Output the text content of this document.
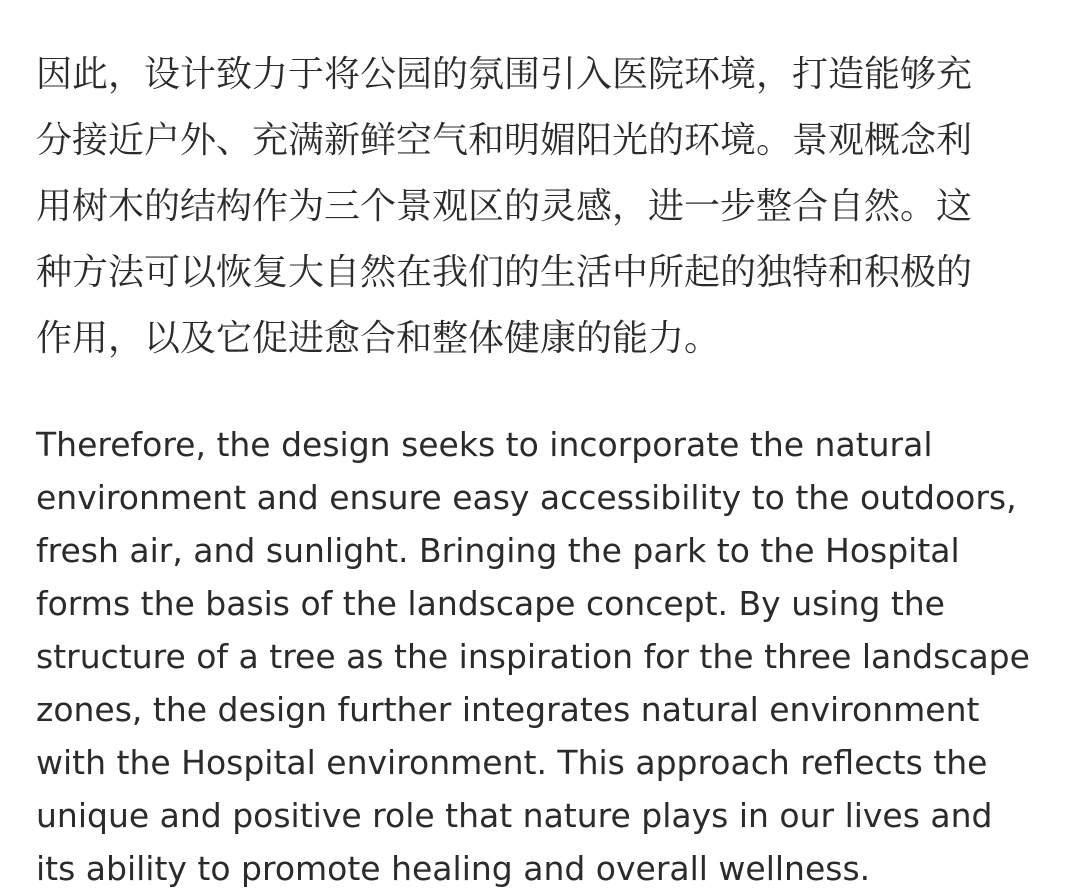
因此，设计致力于将公园的氛围引入医院环境，打造能够充
分接近户外、充满新鲜空气和明媚阳光的环境。景观概念利
用树木的结构作为三个景观区的灵感，进一步整合自然。这
种方法可以恢复大自然在我们的生活中所起的独特和积极的
作用，以及它促进愈合和整体健康的能力。
Therefore, the design seeks to incorporate the natural
environment and ensure easy accessibility to the outdoors,
fresh air, and sunlight. Bringing the park to the Hospital
forms the basis of the landscape concept. By using the
structure of a tree as the inspiration for the three landscape
zones, the design further integrates natural environment
with the Hospital environment. This approach reflects the
unique and positive role that nature plays in our lives and
its ability to promote healing and overall wellness.
